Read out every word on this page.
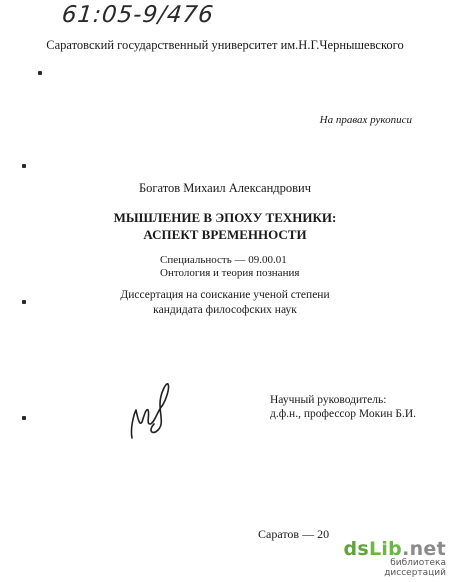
61:05-9/476
Саратовский государственный университет им.Н.Г.Чернышевского
На правах рукописи
Богатов Михаил Александрович
МЫШЛЕНИЕ В ЭПОХУ ТЕХНИКИ:
АСПЕКТ ВРЕМЕННОСТИ
Специальность — 09.00.01
Онтология и теория познания
Диссертация на соискание ученой степени
кандидата философских наук
Научный руководитель:
д.ф.н., профессор Мокин Б.И.
Саратов — 20
dsLib.net
библиотека диссертаций
